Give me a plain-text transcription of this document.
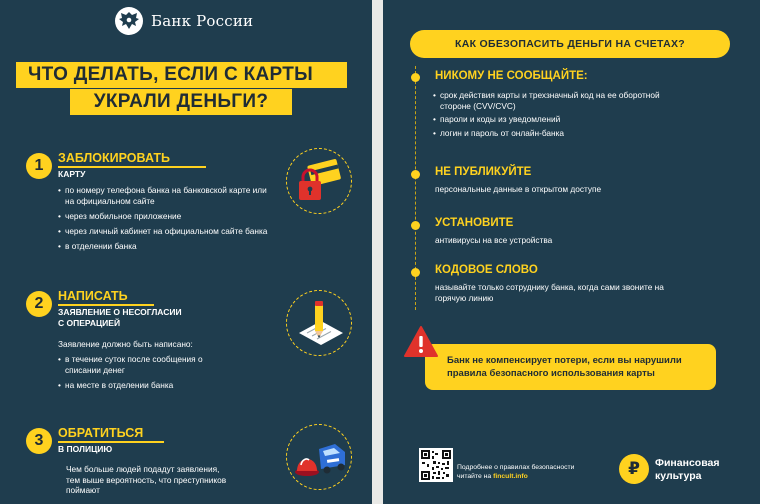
Банк России
ЧТО ДЕЛАТЬ, ЕСЛИ С КАРТЫ
УКРАЛИ ДЕНЬГИ?
1	ЗАБЛОКИРОВАТЬ
КАРТУ
• по номеру телефона банка на банковской карте или на официальном сайте
• через мобильное приложение
• через личный кабинет на официальном сайте банка
• в отделении банка
2	НАПИСАТЬ
ЗАЯВЛЕНИЕ О НЕСОГЛАСИИ
С ОПЕРАЦИЕЙ
Заявление должно быть написано:
• в течение суток после сообщения о списании денег
• на месте в отделении банка
3	ОБРАТИТЬСЯ
В ПОЛИЦИЮ
Чем больше людей подадут заявления, тем выше вероятность, что преступников поймают
КАК ОБЕЗОПАСИТЬ ДЕНЬГИ НА СЧЕТАХ?
НИКОМУ НЕ СООБЩАЙТЕ:
• срок действия карты и трехзначный код на ее оборотной стороне (CVV/CVC)
• пароли и коды из уведомлений
• логин и пароль от онлайн-банка
НЕ ПУБЛИКУЙТЕ
персональные данные в открытом доступе
УСТАНОВИТЕ
антивирусы на все устройства
КОДОВОЕ СЛОВО
называйте только сотруднику банка, когда сами звоните на горячую линию
Банк не компенсирует потери, если вы нарушили правила безопасного использования карты
Подробнее о правилах безопасности
читайте на fincult.info	₽	Финансовая
культура
